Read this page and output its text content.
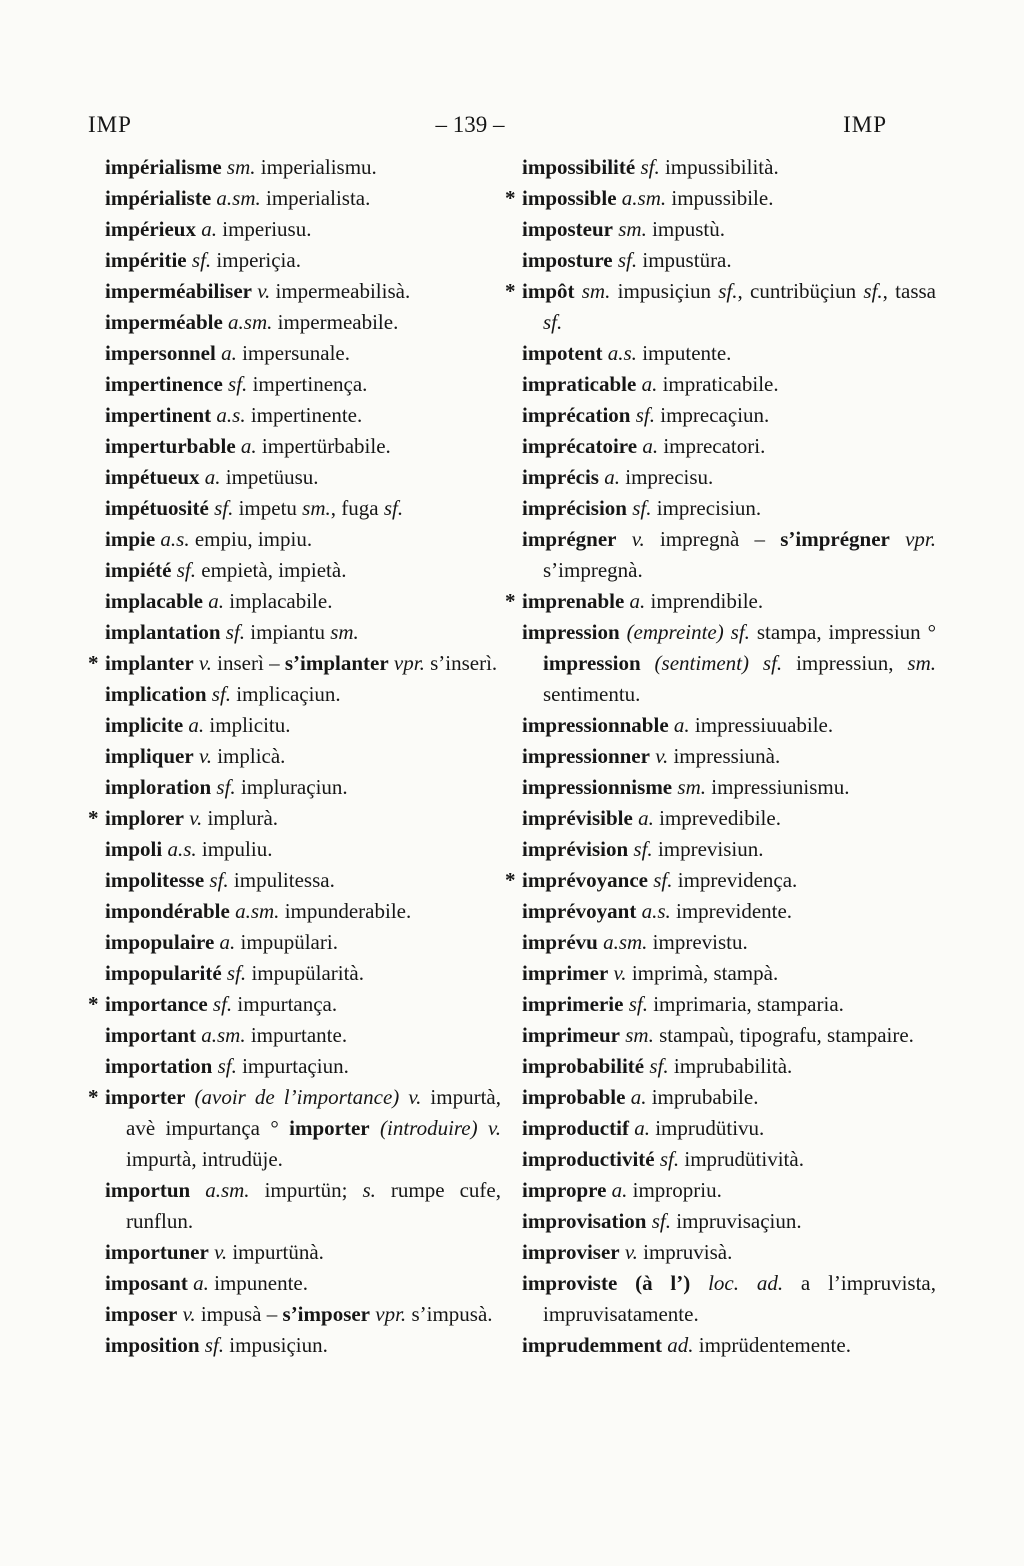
IMP	– 139 –	IMP

impérialisme sm. imperialismu.

impérialiste a.sm. imperialista.

impérieux a. imperiusu.

impéritie sf. imperiçia.

imperméabiliser v. impermeabilisà.

imperméable a.sm. impermeabile.

impersonnel a. impersunale.

impertinence sf. impertinença.

impertinent a.s. impertinente.

imperturbable a. impertürbabile.

impétueux a. impetüusu.

impétuosité sf. impetu sm., fuga sf.

impie a.s. empiu, impiu.

impiété sf. empietà, impietà.

implacable a. implacabile.

implantation sf. impiantu sm.

* implanter v. inserì – s’implanter vpr. s’inserì.

implication sf. implicaçiun.

implicite a. implicitu.

impliquer v. implicà.

imploration sf. impluraçiun.

* implorer v. implurà.

impoli a.s. impuliu.

impolitesse sf. impulitessa.

impondérable a.sm. impunderabile.

impopulaire a. impupülari.

impopularité sf. impupülarità.

* importance sf. impurtança.

important a.sm. impurtante.

importation sf. impurtaçiun.

* importer (avoir de l’importance) v. impurtà, avè impurtança ° importer (introduire) v. impurtà, intrudüje.

importun a.sm. impurtün; s. rumpe cufe, runflun.

importuner v. impurtünà.

imposant a. impunente.

imposer v. impusà – s’imposer vpr. s’impusà.

imposition sf. impusiçiun.

impossibilité sf. impussibilità.

* impossible a.sm. impussibile.

imposteur sm. impustù.

imposture sf. impustüra.

* impôt sm. impusiçiun sf., cuntribüçiun sf., tassa sf.

impotent a.s. imputente.

impraticable a. impraticabile.

imprécation sf. imprecaçiun.

imprécatoire a. imprecatori.

imprécis a. imprecisu.

imprécision sf. imprecisiun.

imprégner v. impregnà – s’imprégner vpr. s’impregnà.

* imprenable a. imprendibile.

impression (empreinte) sf. stampa, impressiun ° impression (sentiment) sf. impressiun, sm. sentimentu.

impressionnable a. impressiuuabile.

impressionner v. impressiunà.

impressionnisme sm. impressiunismu.

imprévisible a. imprevedibile.

imprévision sf. imprevisiun.

* imprévoyance sf. imprevidença.

imprévoyant a.s. imprevidente.

imprévu a.sm. imprevistu.

imprimer v. imprimà, stampà.

imprimerie sf. imprimaria, stamparia.

imprimeur sm. stampaù, tipografu, stampaire.

improbabilité sf. imprubabilità.

improbable a. imprubabile.

improductif a. imprudütivu.

improductivité sf. imprudütività.

impropre a. impropriu.

improvisation sf. impruvisaçiun.

improviser v. impruvisà.

improviste (à l’) loc. ad. a l’impruvista, impruvisatamente.

imprudemment ad. imprüdentemente.
